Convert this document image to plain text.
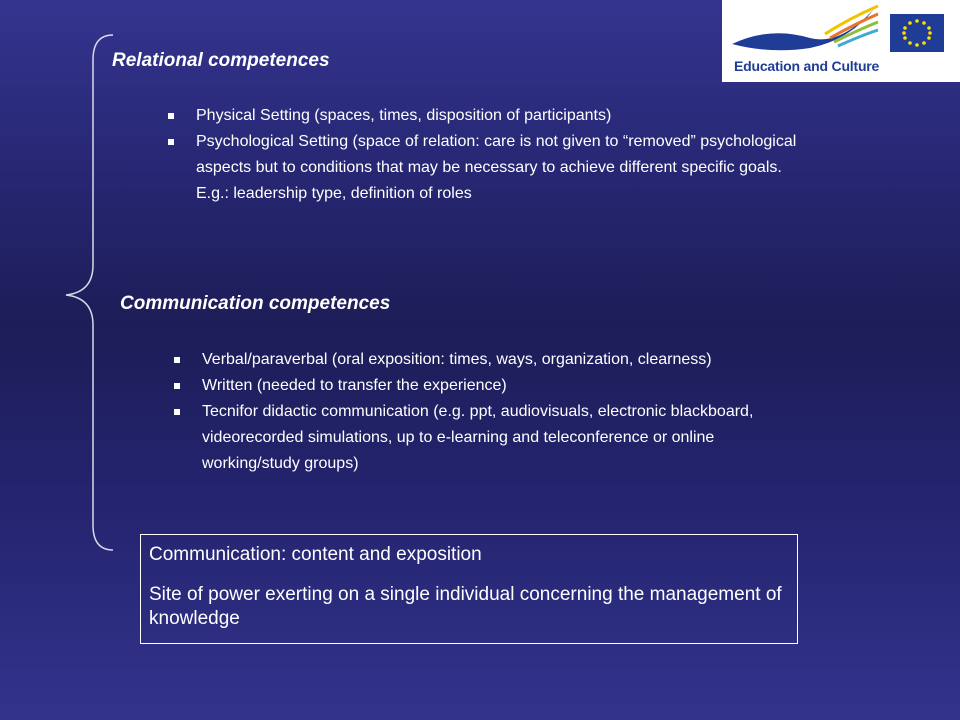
Education and Culture
Relational competences
Physical Setting (spaces, times, disposition of participants)
Psychological Setting (space of relation: care is not given to “removed” psychological aspects but to conditions that may be necessary to achieve different specific goals. E.g.: leadership type, definition of roles
Communication competences
Verbal/paraverbal (oral exposition: times, ways, organization, clearness)
Written (needed to transfer the experience)
Tecnifor didactic communication (e.g. ppt, audiovisuals, electronic blackboard, videorecorded simulations, up to e-learning and teleconference or online working/study groups)

Communication: content and exposition

Site of power exerting on a single individual concerning the management of knowledge
